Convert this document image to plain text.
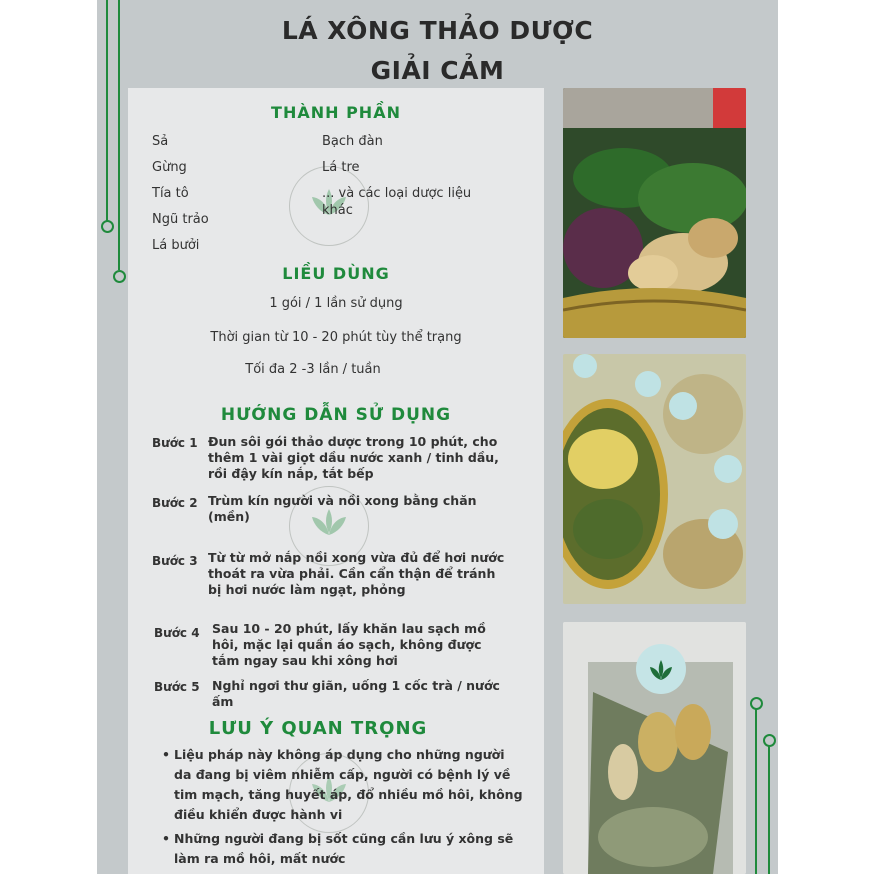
LÁ XÔNG THẢO DƯỢC
GIẢI CẢM
THÀNH PHẦN
Sả
Gừng
Tía tô
Ngũ trảo
Lá bưởi
Bạch đàn
Lá tre
... và các loại dược liệu khác
LIỀU DÙNG
1 gói / 1 lần sử dụng
Thời gian từ 10 - 20 phút tùy thể trạng
Tối đa 2 -3 lần / tuần
HƯỚNG DẪN SỬ DỤNG
Bước 1 Đun sôi gói thảo dược trong 10 phút, cho thêm 1 vài giọt dầu nước xanh / tinh dầu, rồi đậy kín nắp, tắt bếp
Bước 2 Trùm kín người và nồi xong bằng chăn (mền)
Bước 3 Từ từ mở nắp nồi xong vừa đủ để hơi nước thoát ra vừa phải. Cần cẩn thận để tránh bị hơi nước làm ngạt, phỏng
Bước 4 Sau 10 - 20 phút, lấy khăn lau sạch mồ hôi, mặc lại quần áo sạch, không được tắm ngay sau khi xông hơi
Bước 5 Nghỉ ngơi thư giãn, uống 1 cốc trà / nước ấm
LƯU Ý QUAN TRỌNG
• Liệu pháp này không áp dụng cho những người da đang bị viêm nhiễm cấp, người có bệnh lý về tim mạch, tăng huyết áp, đổ nhiều mồ hôi, không điều khiển được hành vi
• Những người đang bị sốt cũng cần lưu ý xông sẽ làm ra mồ hôi, mất nước
